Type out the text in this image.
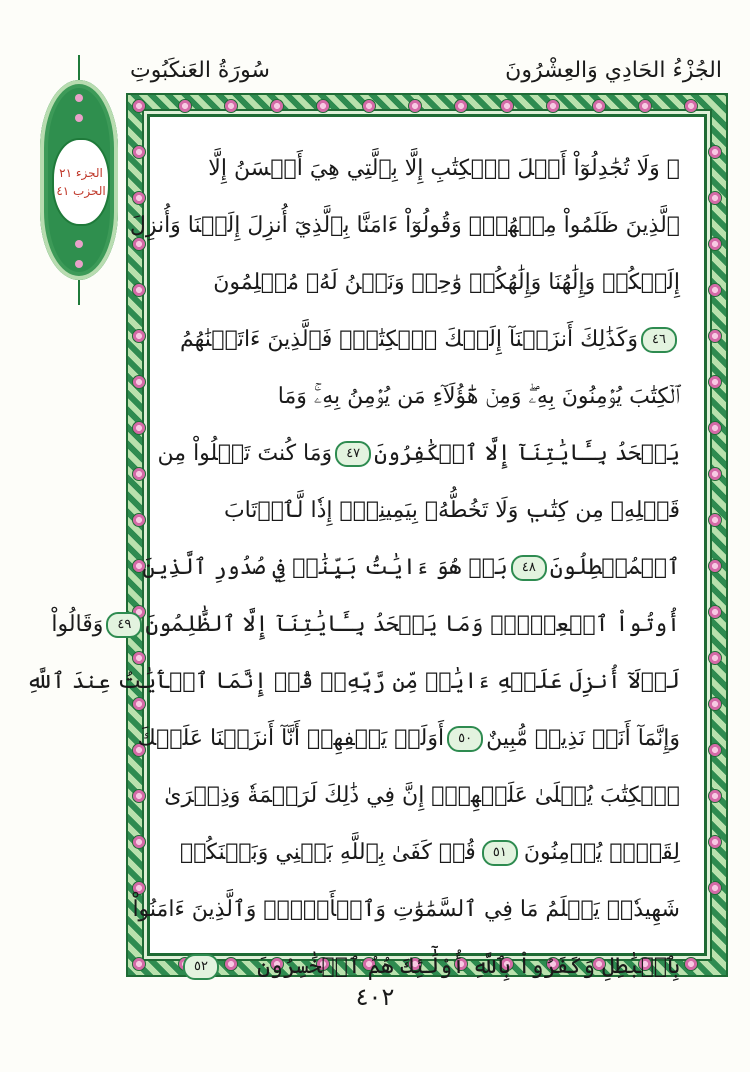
سُورَةُ العَنكَبُوتِ	الجُزْءُ الحَادِي وَالعِشْرُونَ
الجزء ٢١
الحزب ٤١
۞ وَلَا تُجَٰدِلُوٓاْ أَهۡلَ ٱلۡكِتَٰبِ إِلَّا بِٱلَّتِي هِيَ أَحۡسَنُ إِلَّا
ٱلَّذِينَ ظَلَمُواْ مِنۡهُمۡۖ وَقُولُوٓاْ ءَامَنَّا بِٱلَّذِيٓ أُنزِلَ إِلَيۡنَا وَأُنزِلَ
إِلَيۡكُمۡ وَإِلَٰهُنَا وَإِلَٰهُكُمۡ وَٰحِدٞ وَنَحۡنُ لَهُۥ مُسۡلِمُونَ
٤٦
وَكَذَٰلِكَ أَنزَلۡنَآ إِلَيۡكَ ٱلۡكِتَٰبَۚ فَٱلَّذِينَ ءَاتَيۡنَٰهُمُ
ٱلۡكِتَٰبَ يُؤۡمِنُونَ بِهِۦۖ وَمِنۡ هَٰٓؤُلَآءِ مَن يُؤۡمِنُ بِهِۦۚ وَمَا
يَجۡحَدُ بِـَٔايَٰتِنَآ إِلَّا ٱلۡكَٰفِرُونَ
٤٧
وَمَا كُنتَ تَتۡلُواْ مِن
قَبۡلِهِۦ مِن كِتَٰبٖ وَلَا تَخُطُّهُۥ بِيَمِينِكَۖ إِذٗا لَّٱرۡتَابَ
ٱلۡمُبۡطِلُونَ
٤٨
بَلۡ هُوَ ءَايَٰتُۢ بَيِّنَٰتٞ فِي صُدُورِ ٱلَّذِينَ
أُوتُواْ ٱلۡعِلۡمَۚ وَمَا يَجۡحَدُ بِـَٔايَٰتِنَآ إِلَّا ٱلظَّٰلِمُونَ
٤٩
وَقَالُواْ
لَوۡلَآ أُنزِلَ عَلَيۡهِ ءَايَٰتٞ مِّن رَّبِّهِۦۖ قُلۡ إِنَّمَا ٱلۡأٓيَٰتُ عِندَ ٱللَّهِ
وَإِنَّمَآ أَنَا۠ نَذِيرٞ مُّبِينٌ
٥٠
أَوَلَمۡ يَكۡفِهِمۡ أَنَّآ أَنزَلۡنَا عَلَيۡكَ
ٱلۡكِتَٰبَ يُتۡلَىٰ عَلَيۡهِمۡۚ إِنَّ فِي ذَٰلِكَ لَرَحۡمَةٗ وَذِكۡرَىٰ
لِقَوۡمٖ يُؤۡمِنُونَ
٥١
قُلۡ كَفَىٰ بِٱللَّهِ بَيۡنِي وَبَيۡنَكُمۡ
شَهِيدٗاۖ يَعۡلَمُ مَا فِي ٱلسَّمَٰوَٰتِ وَٱلۡأَرۡضِۗ وَٱلَّذِينَ ءَامَنُواْ
بِٱلۡبَٰطِلِ وَكَفَرُواْ بِٱللَّهِ أُوْلَٰٓئِكَ هُمُ ٱلۡخَٰسِرُونَ
٥٢
٤٠٢
